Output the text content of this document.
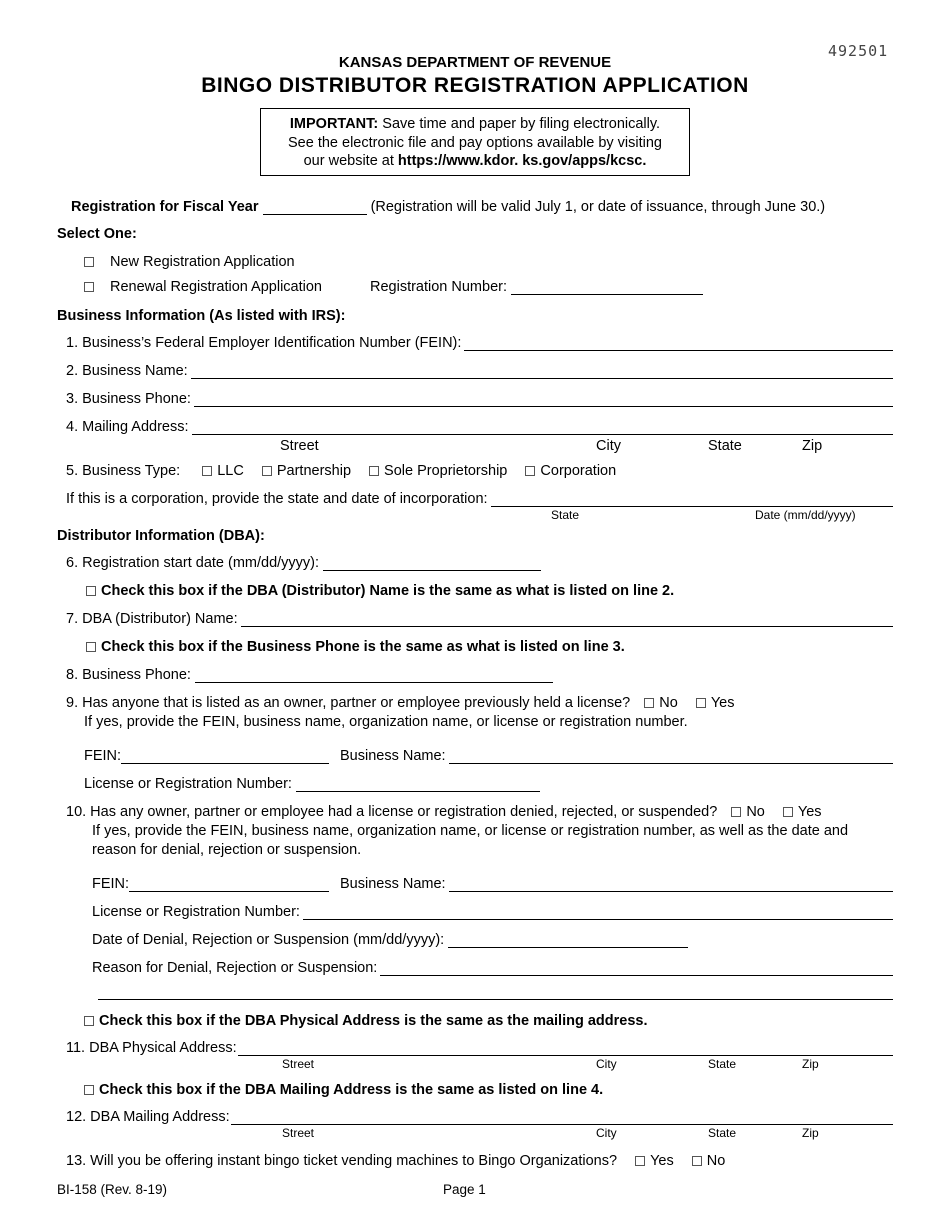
492501
KANSAS DEPARTMENT OF REVENUE
BINGO DISTRIBUTOR REGISTRATION APPLICATION
IMPORTANT: Save time and paper by filing electronically.
See the electronic file and pay options available by visiting
our website at https://www.kdor. ks.gov/apps/kcsc.
Registration for Fiscal Year	(Registration will be valid July 1, or date of issuance, through June 30.)
Select One:
New Registration Application
Renewal Registration Application	Registration Number:
Business Information (As listed with IRS):
1. Business’s Federal Employer Identification Number (FEIN):
2. Business Name:
3. Business Phone:
4. Mailing Address:
Street	City	State	Zip
5. Business Type:	LLC Partnership Sole Proprietorship Corporation
If this is a corporation, provide the state and date of incorporation:
State	Date (mm/dd/yyyy)
Distributor Information (DBA):
6. Registration start date (mm/dd/yyyy):
Check this box if the DBA (Distributor) Name is the same as what is listed on line 2.
7. DBA (Distributor) Name:
Check this box if the Business Phone is the same as what is listed on line 3.
8. Business Phone:
9. Has anyone that is listed as an owner, partner or employee previously held a license? No Yes
If yes, provide the FEIN, business name, organization name, or license or registration number.
FEIN:	Business Name:
License or Registration Number:
10. Has any owner, partner or employee had a license or registration denied, rejected, or suspended? No Yes
If yes, provide the FEIN, business name, organization name, or license or registration number, as well as the date and
reason for denial, rejection or suspension.
FEIN:	Business Name:
License or Registration Number:
Date of Denial, Rejection or Suspension (mm/dd/yyyy):
Reason for Denial, Rejection or Suspension:
Check this box if the DBA Physical Address is the same as the mailing address.
11. DBA Physical Address:
Street	City	State	Zip
Check this box if the DBA Mailing Address is the same as listed on line 4.
12. DBA Mailing Address:
Street	City	State	Zip
13. Will you be offering instant bingo ticket vending machines to Bingo Organizations? Yes No
BI-158 (Rev. 8-19)	Page 1
